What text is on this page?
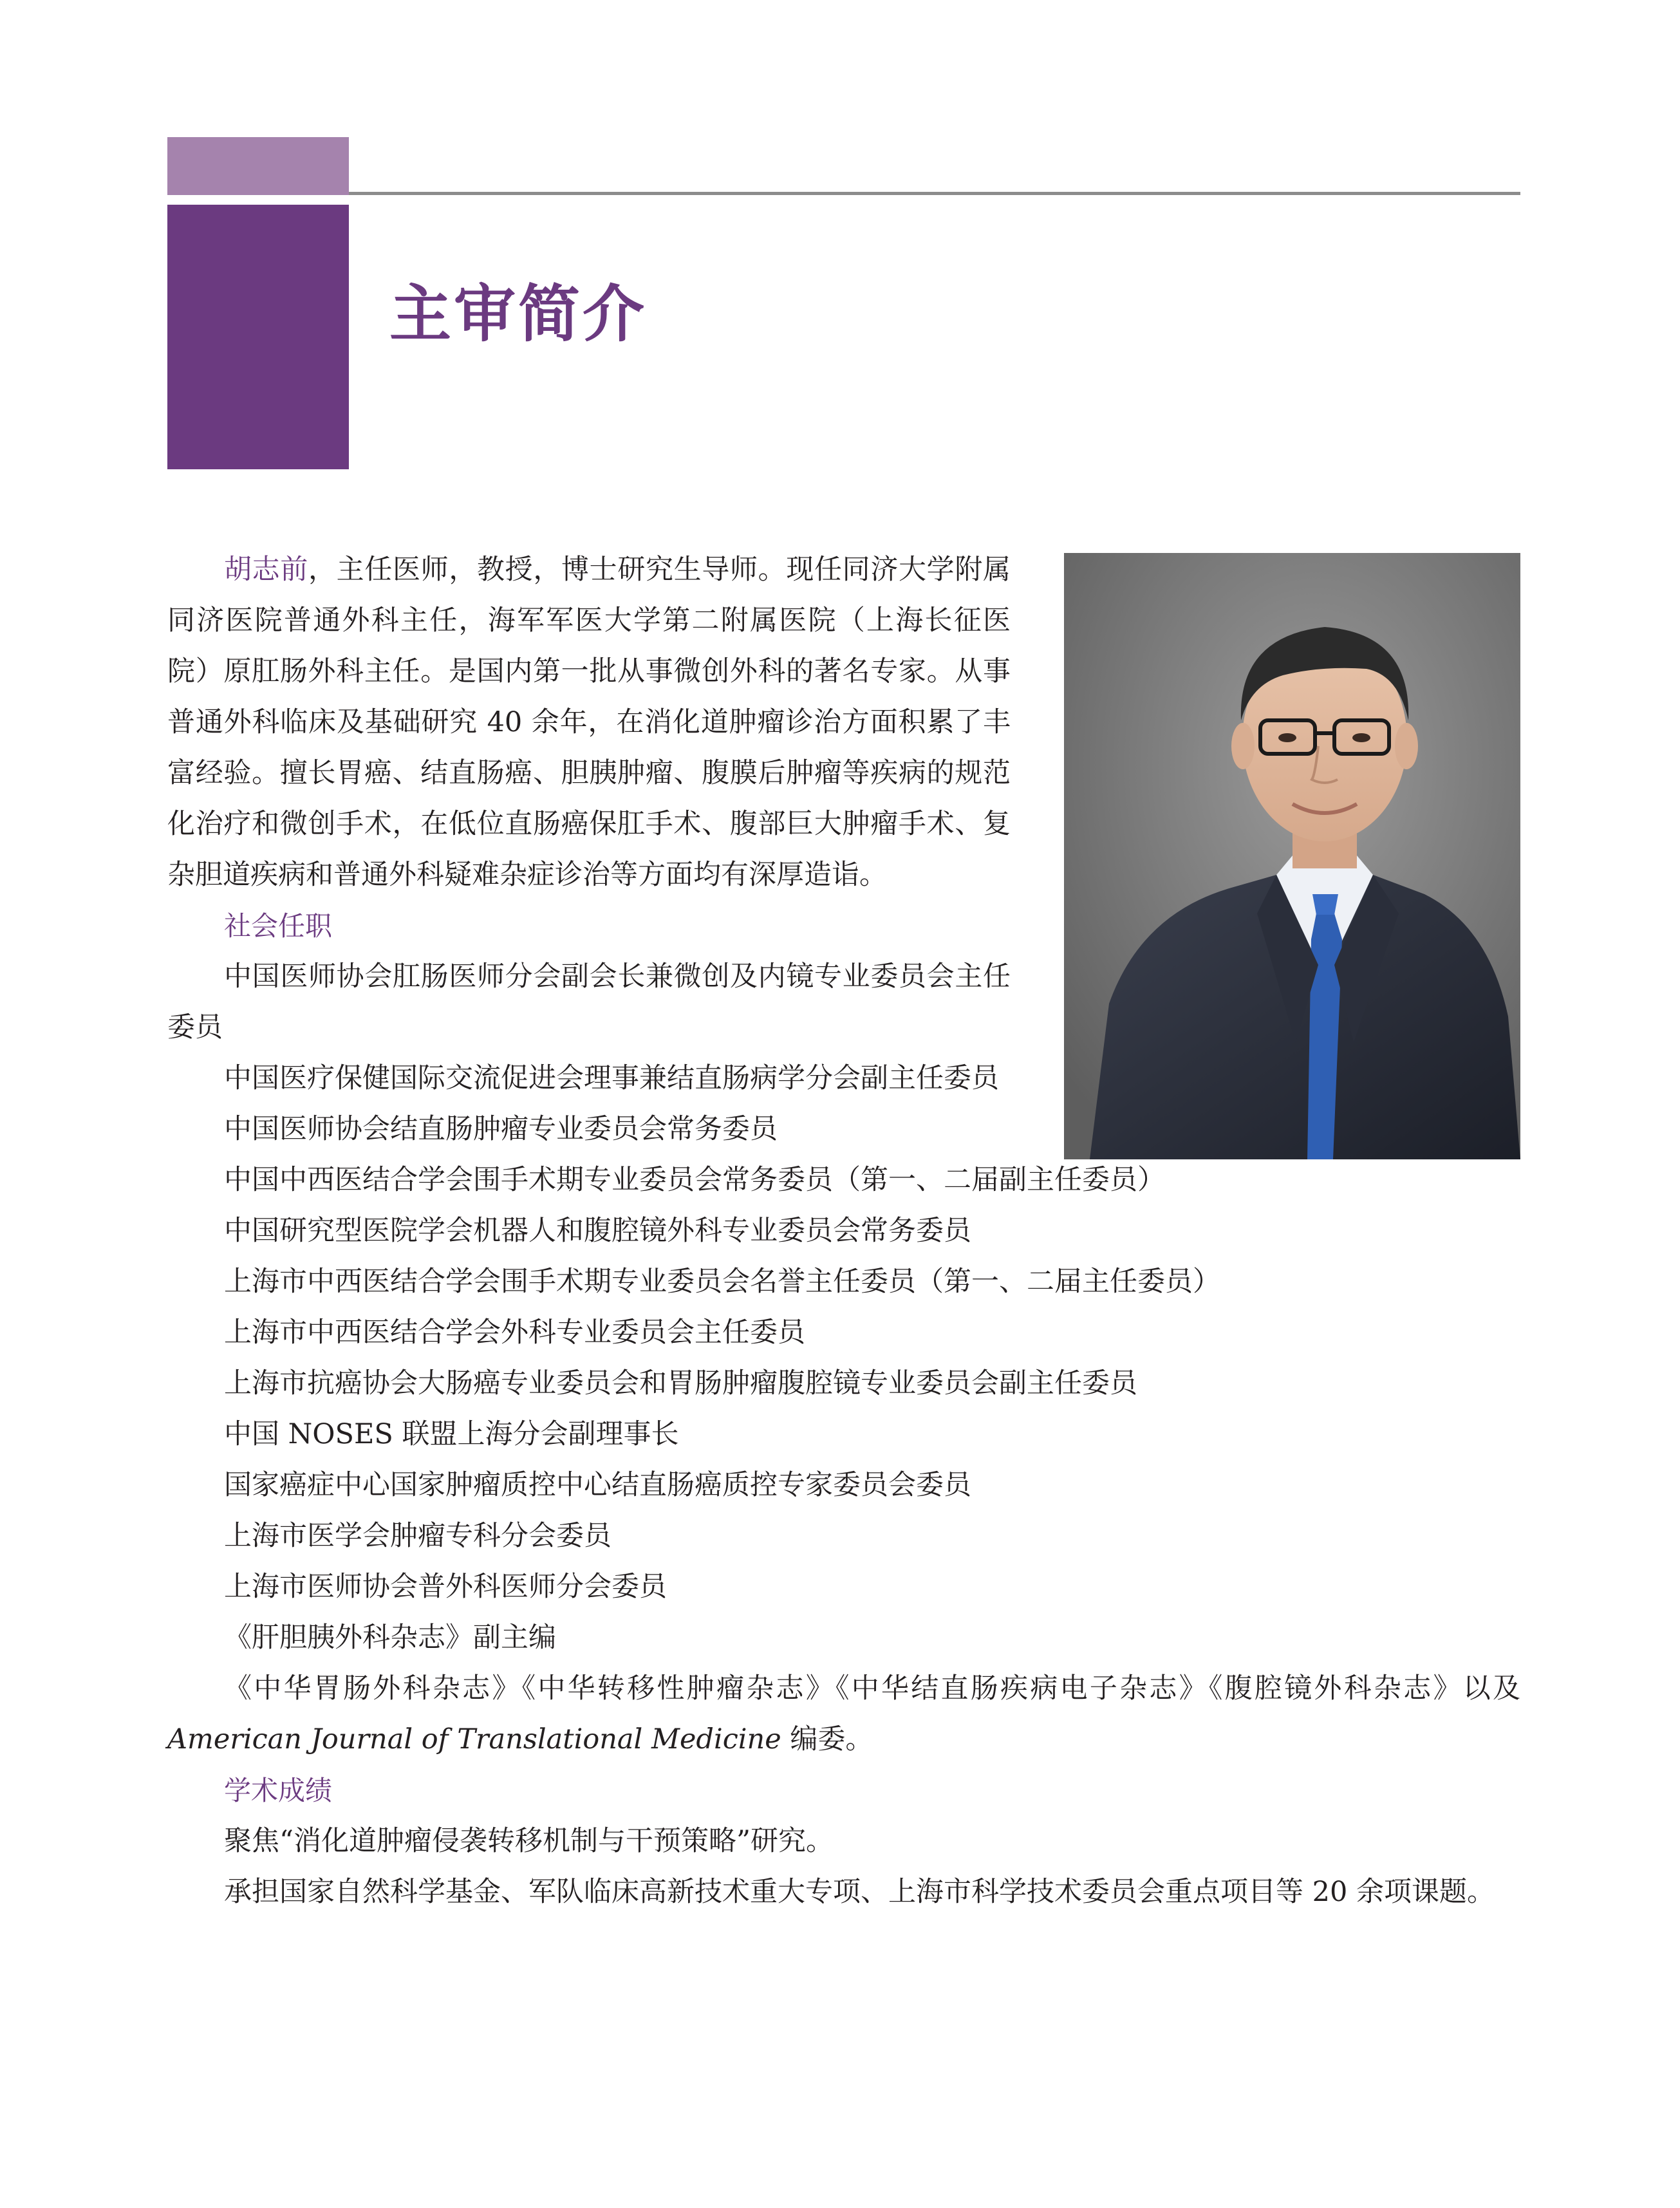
主审简介

胡志前，主任医师，教授，博士研究生导师。现任同济大学附属同济医院普通外科主任，海军军医大学第二附属医院（上海长征医院）原肛肠外科主任。是国内第一批从事微创外科的著名专家。从事普通外科临床及基础研究 40 余年，在消化道肿瘤诊治方面积累了丰富经验。擅长胃癌、结直肠癌、胆胰肿瘤、腹膜后肿瘤等疾病的规范化治疗和微创手术，在低位直肠癌保肛手术、腹部巨大肿瘤手术、复杂胆道疾病和普通外科疑难杂症诊治等方面均有深厚造诣。

社会任职

中国医师协会肛肠医师分会副会长兼微创及内镜专业委员会主任委员

中国医疗保健国际交流促进会理事兼结直肠病学分会副主任委员

中国医师协会结直肠肿瘤专业委员会常务委员

中国中西医结合学会围手术期专业委员会常务委员（第一、二届副主任委员）

中国研究型医院学会机器人和腹腔镜外科专业委员会常务委员

上海市中西医结合学会围手术期专业委员会名誉主任委员（第一、二届主任委员）

上海市中西医结合学会外科专业委员会主任委员

上海市抗癌协会大肠癌专业委员会和胃肠肿瘤腹腔镜专业委员会副主任委员

中国 NOSES 联盟上海分会副理事长

国家癌症中心国家肿瘤质控中心结直肠癌质控专家委员会委员

上海市医学会肿瘤专科分会委员

上海市医师协会普外科医师分会委员

《肝胆胰外科杂志》副主编

《中华胃肠外科杂志》《中华转移性肿瘤杂志》《中华结直肠疾病电子杂志》《腹腔镜外科杂志》以及American Journal of Translational Medicine 编委。

学术成绩

聚焦“消化道肿瘤侵袭转移机制与干预策略”研究。

承担国家自然科学基金、军队临床高新技术重大专项、上海市科学技术委员会重点项目等 20 余项课题。
